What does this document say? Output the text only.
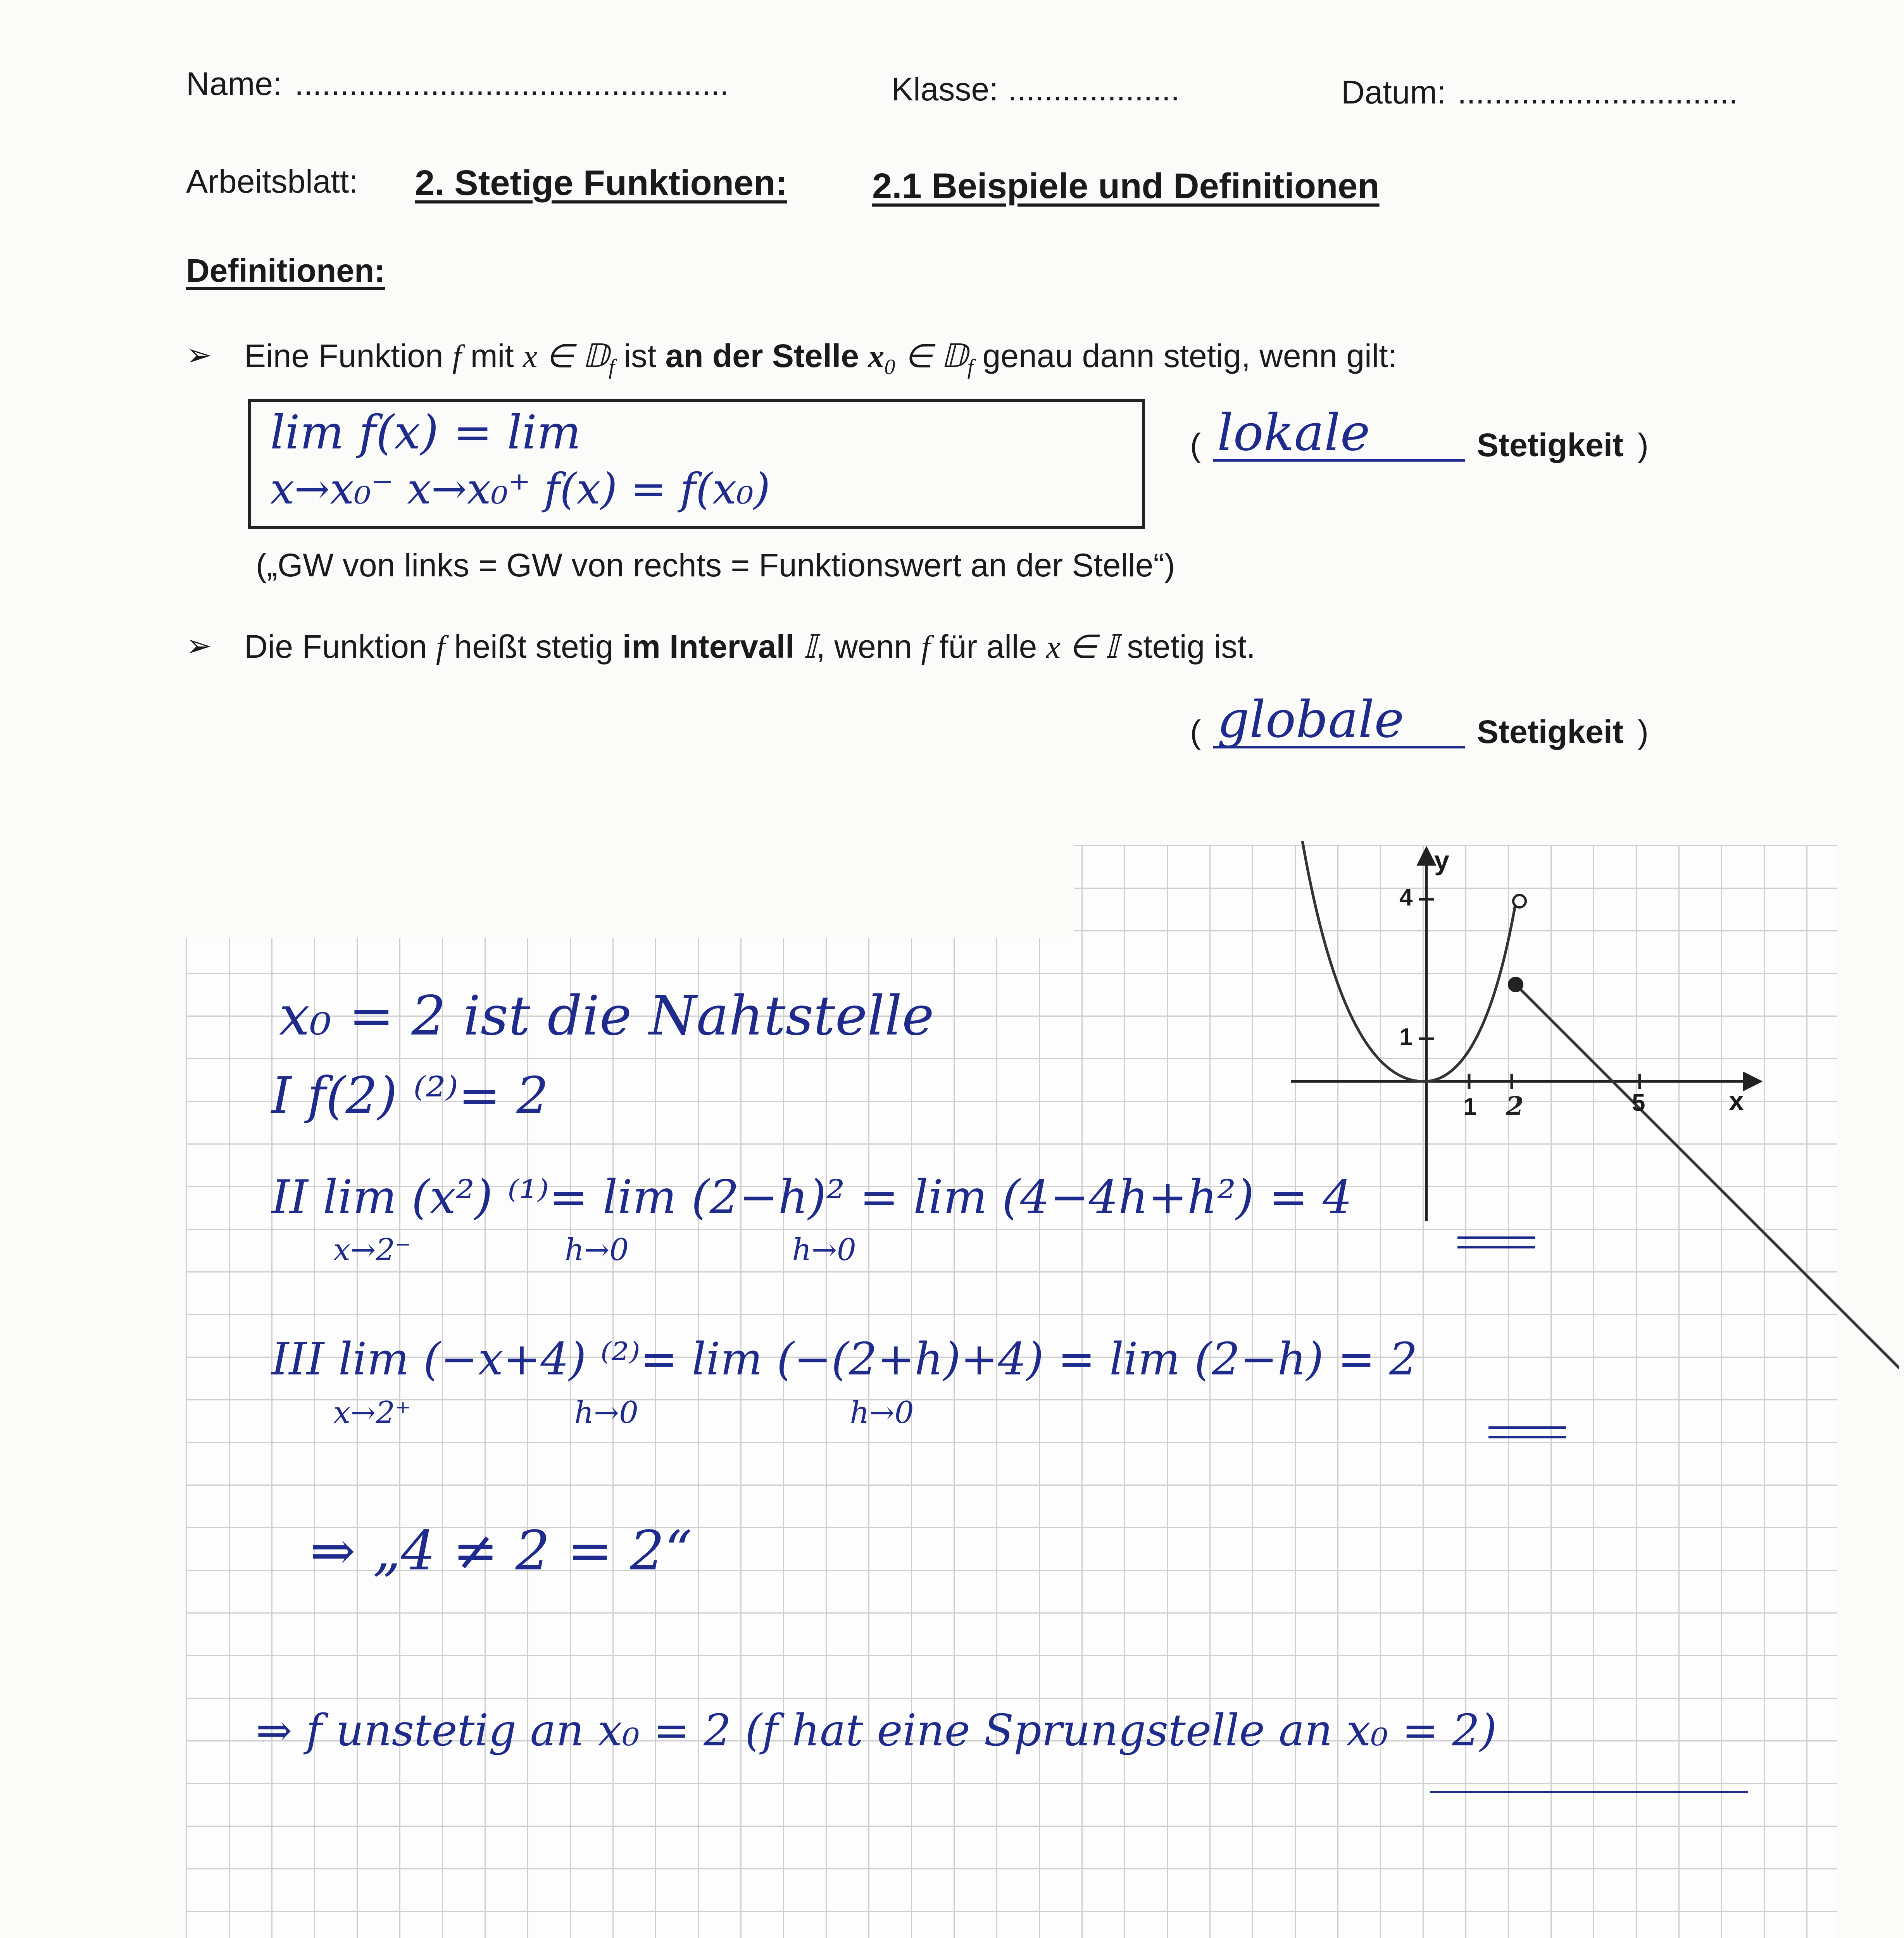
Name: ................................................	Klasse: ...................	Datum: ...............................
Arbeitsblatt: 2. Stetige Funktionen: 2.1 Beispiele und Definitionen
Definitionen:
➢ Eine Funktion f mit x ∈ 𝔻$_f$ ist an der Stelle $x_0$ ∈ 𝔻$_f$ genau dann stetig, wenn gilt:
lim f(x) = lim
x→x₀⁻ x→x₀⁺ f(x) = f(x₀)
( lokale	Stetigkeit )
(„GW von links = GW von rechts = Funktionswert an der Stelle“)
➢ Die Funktion f heißt stetig im Intervall 𝕀, wenn f für alle x ∈ 𝕀 stetig ist.
( globale Stetigkeit )
y
x
4
1
1 2	5
x₀ = 2 ist die Nahtstelle
I f(2) ⁽²⁾= 2
II lim (x²) ⁽¹⁾= lim (2−h)² = lim (4−4h+h²) = 4
x→2⁻                h→0                 h→0
III lim (−x+4) ⁽²⁾= lim (−(2+h)+4) = lim (2−h) = 2
x→2⁺                 h→0                      h→0
⇒ „4 ≠ 2 = 2“
⇒ f unstetig an x₀ = 2 (f hat eine Sprungstelle an x₀ = 2)
